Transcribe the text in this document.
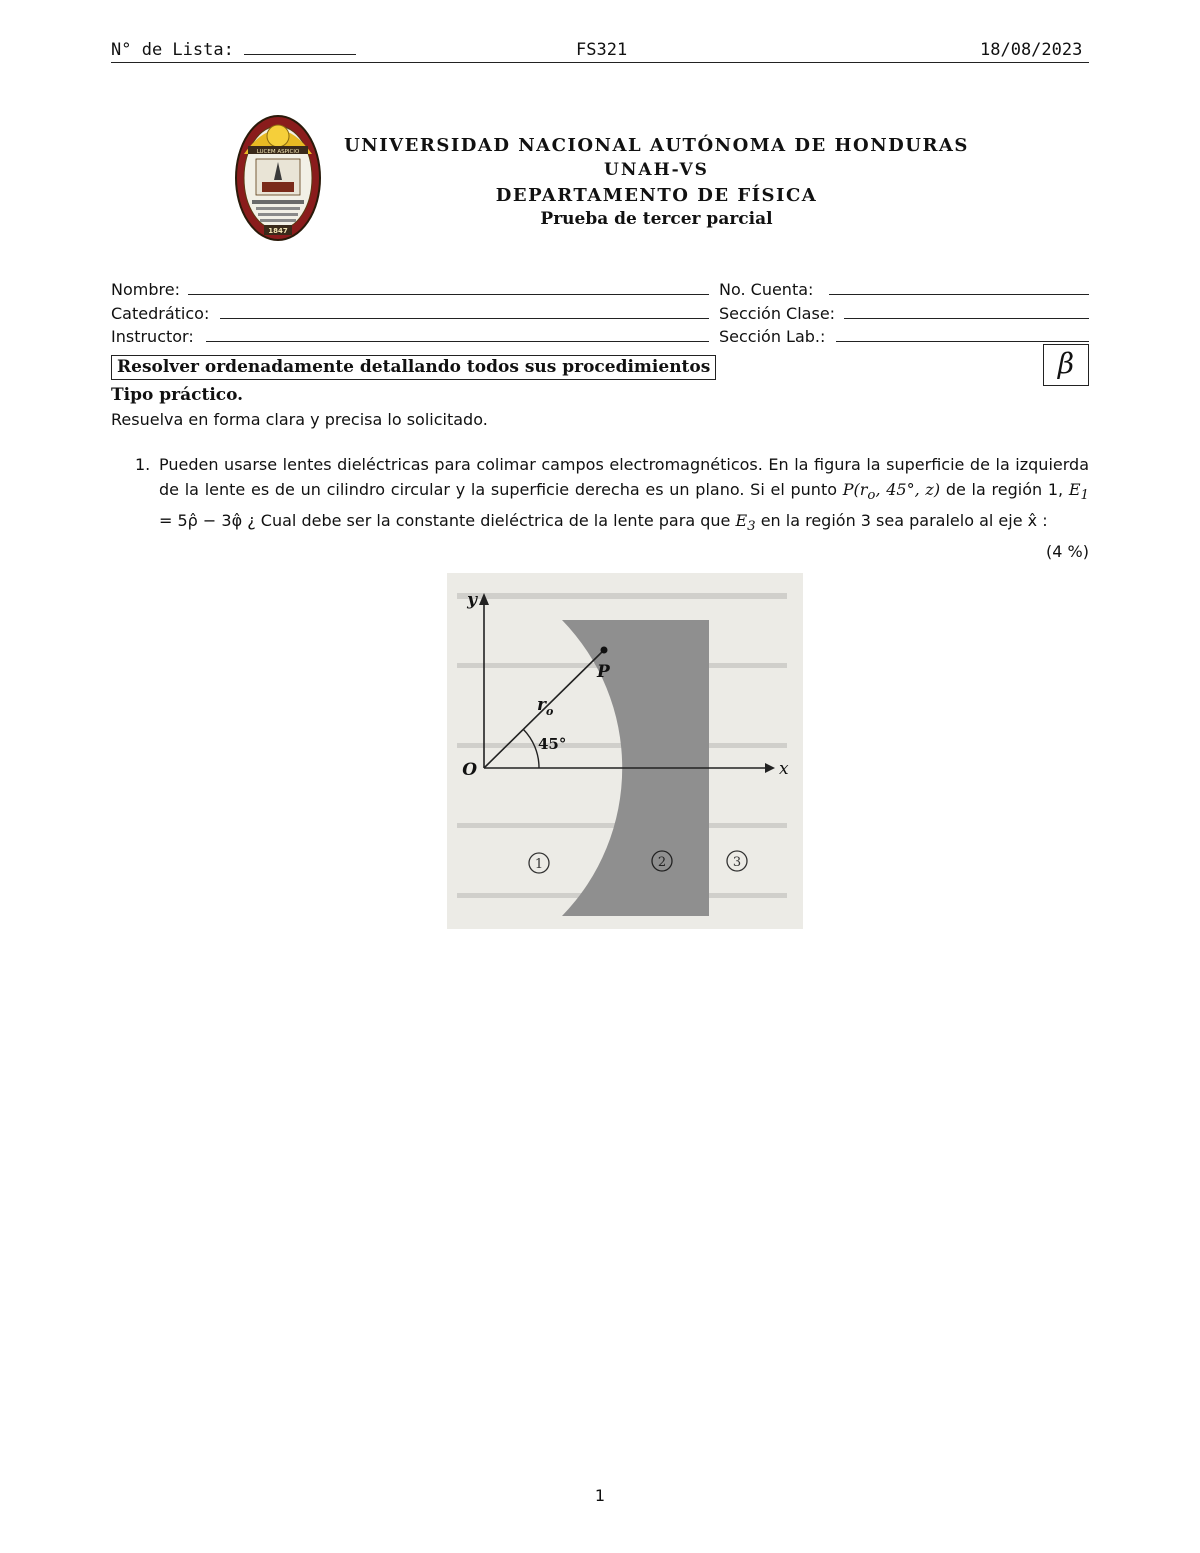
N° de Lista:	FS321	18/08/2023
LUCEM ASPICIO
1847
UNIVERSIDAD NACIONAL AUTÓNOMA DE HONDURAS
UNAH-VS
DEPARTAMENTO DE FÍSICA
Prueba de tercer parcial
Nombre:	No. Cuenta:
Catedrático:	Sección Clase:
Instructor:	Sección Lab.:
Resolver ordenadamente detallando todos sus procedimientos	β
Tipo práctico.
Resuelva en forma clara y precisa lo solicitado.
1. Pueden usarse lentes dieléctricas para colimar campos electromagnéticos. En la figura la superficie de la izquierda de la lente es de un cilindro circular y la superficie derecha es un plano. Si el punto $P(r_o$, 45°, z) de la región 1, $E_1$ = 5ρ̂ − 3φ̂ ¿ Cual debe ser la constante dieléctrica de la lente para que $E_3$ en la región 3 sea paralelo al eje x̂ :
(4 %)
y
x
O
P
$r_o$
45°
1	2	3
1
